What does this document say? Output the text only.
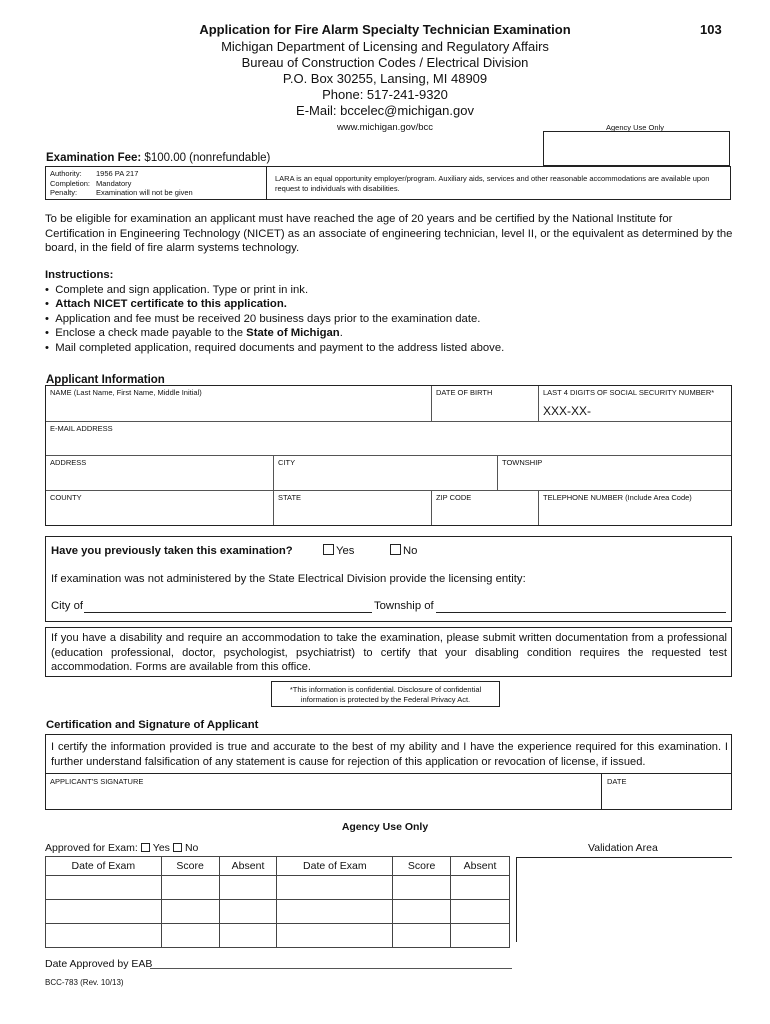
Application for Fire Alarm Specialty Technician Examination	103
Michigan Department of Licensing and Regulatory Affairs
Bureau of Construction Codes / Electrical Division
P.O. Box 30255, Lansing, MI 48909
Phone: 517-241-9320
E-Mail: bccelec@michigan.gov
www.michigan.gov/bcc	Agency Use Only
Examination Fee: $100.00 (nonrefundable)
Authority: 1956 PA 217
Completion: Mandatory
Penalty:	Examination will not be given
LARA is an equal opportunity employer/program. Auxiliary aids, services and other reasonable accommodations are available upon request to individuals with disabilities.
To be eligible for examination an applicant must have reached the age of 20 years and be certified by the National Institute for Certification in Engineering Technology (NICET) as an associate of engineering technician, level II, or the equivalent as determined by the board, in the field of fire alarm systems technology.
Instructions:
•  Complete and sign application. Type or print in ink.
•  Attach NICET certificate to this application.
•  Application and fee must be received 20 business days prior to the examination date.
•  Enclose a check made payable to the State of Michigan.
•  Mail completed application, required documents and payment to the address listed above.
Applicant Information
NAME (Last Name, First Name, Middle Initial)	DATE OF BIRTH	LAST 4 DIGITS OF SOCIAL SECURITY NUMBER*
XXX-XX-
E-MAIL ADDRESS
ADDRESS	CITY	TOWNSHIP
COUNTY	STATE	ZIP CODE	TELEPHONE NUMBER (Include Area Code)
Have you previously taken this examination?	Yes	No
If examination was not administered by the State Electrical Division provide the licensing entity:
City of	Township of
If you have a disability and require an accommodation to take the examination, please submit written documentation from a professional (education professional, doctor, psychologist, psychiatrist) to certify that your disabling condition requires the requested test accommodation. Forms are available from this office.
*This information is confidential. Disclosure of confidential
information is protected by the Federal Privacy Act.
Certification and Signature of Applicant
I certify the information provided is true and accurate to the best of my ability and I have the experience required for this examination. I further understand falsification of any statement is cause for rejection of this application or revocation of license, if issued.
APPLICANT'S SIGNATURE	DATE
Agency Use Only
Approved for Exam: Yes No	Validation Area
Date of Exam	Score	Absent	Date of Exam	Score	Absent

Date Approved by EAB
BCC-783 (Rev. 10/13)
